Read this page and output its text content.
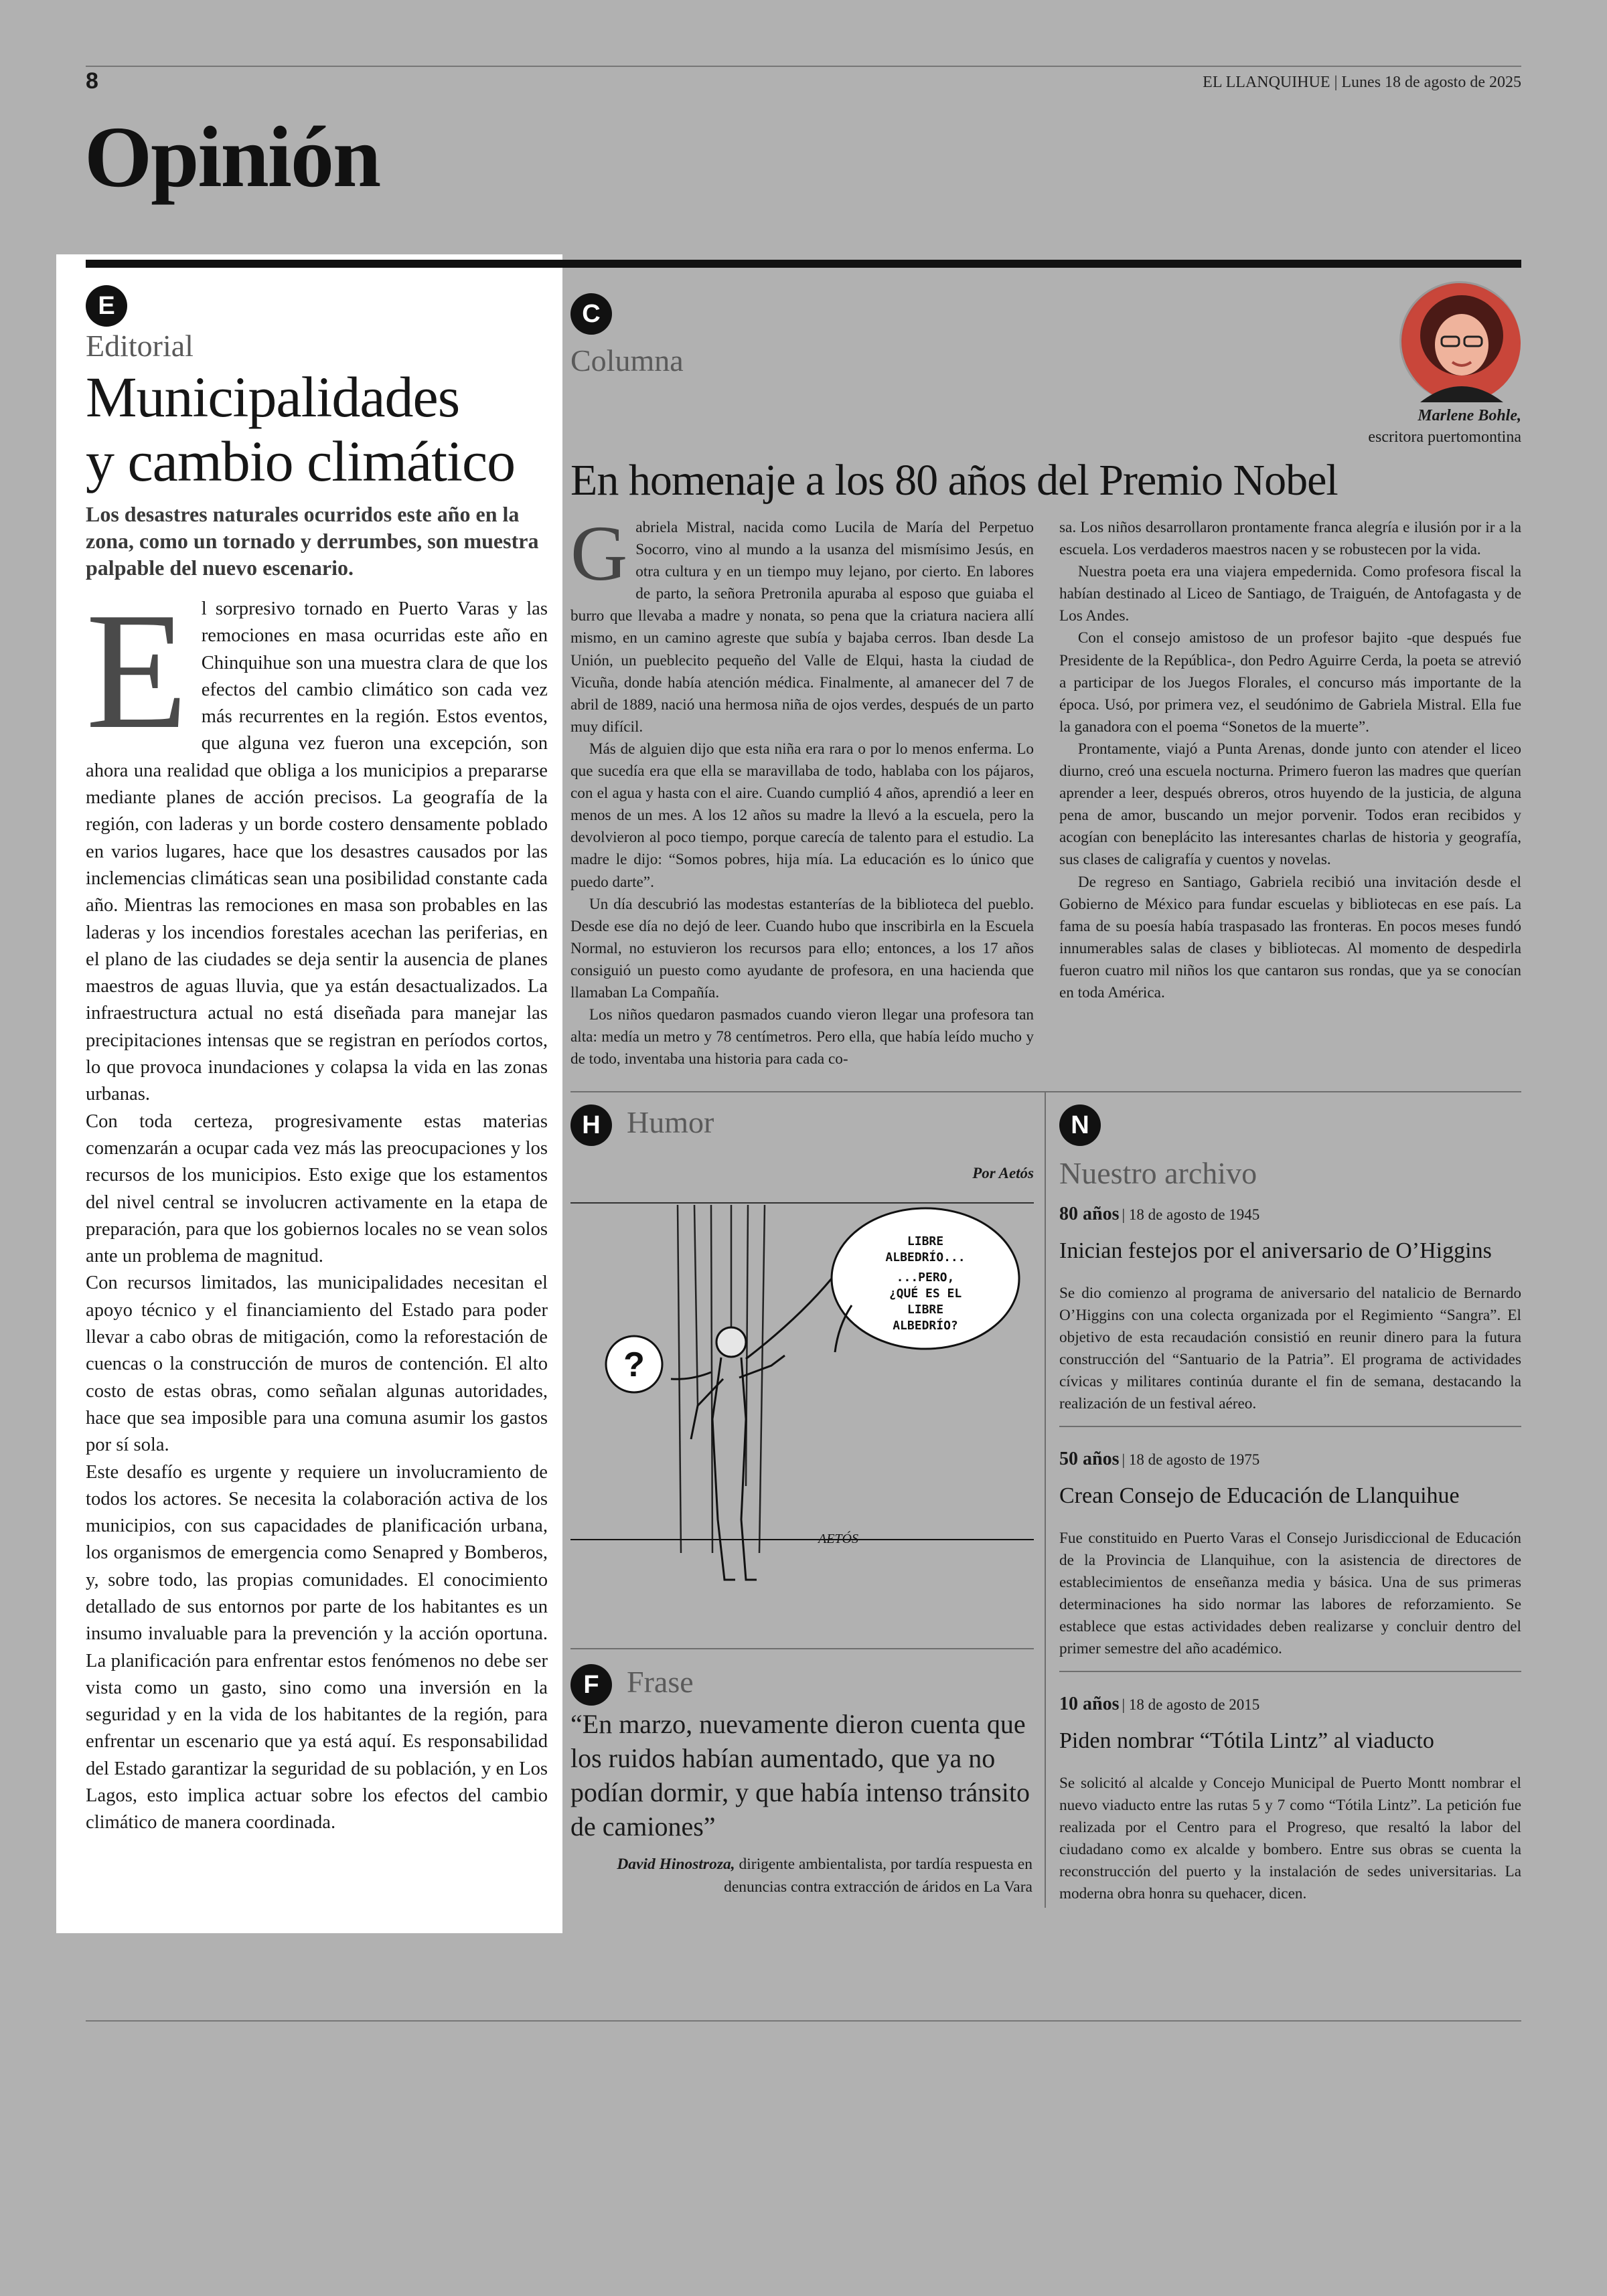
8	EL LLANQUIHUE | Lunes 18 de agosto de 2025
Opinión
E
Editorial
Municipalidades
y cambio climático
Los desastres naturales ocurridos este año en la zona, como un tornado y derrumbes, son muestra palpable del nuevo escenario.

El sorpresivo tornado en Puerto Varas y las remociones en masa ocurridas este año en Chinquihue son una muestra clara de que los efectos del cambio climático son cada vez más recurrentes en la región. Estos eventos, que alguna vez fueron una excepción, son ahora una realidad que obliga a los municipios a prepararse mediante planes de acción precisos. La geografía de la región, con laderas y un borde costero densamente poblado en varios lugares, hace que los desastres causados por las inclemencias climáticas sean una posibilidad constante cada año. Mientras las remociones en masa son probables en las laderas y los incendios forestales acechan las periferias, en el plano de las ciudades se deja sentir la ausencia de planes maestros de aguas lluvia, que ya están desactualizados. La infraestructura actual no está diseñada para manejar las precipitaciones intensas que se registran en períodos cortos, lo que provoca inundaciones y colapsa la vida en las zonas urbanas.

Con toda certeza, progresivamente estas materias comenzarán a ocupar cada vez más las preocupaciones y los recursos de los municipios. Esto exige que los estamentos del nivel central se involucren activamente en la etapa de preparación, para que los gobiernos locales no se vean solos ante un problema de magnitud.

Con recursos limitados, las municipalidades necesitan el apoyo técnico y el financiamiento del Estado para poder llevar a cabo obras de mitigación, como la reforestación de cuencas o la construcción de muros de contención. El alto costo de estas obras, como señalan algunas autoridades, hace que sea imposible para una comuna asumir los gastos por sí sola.

Este desafío es urgente y requiere un involucramiento de todos los actores. Se necesita la colaboración activa de los municipios, con sus capacidades de planificación urbana, los organismos de emergencia como Senapred y Bomberos, y, sobre todo, las propias comunidades. El conocimiento detallado de sus entornos por parte de los habitantes es un insumo invaluable para la prevención y la acción oportuna. La planificación para enfrentar estos fenómenos no debe ser vista como un gasto, sino como una inversión en la seguridad y en la vida de los habitantes de la región, para enfrentar un escenario que ya está aquí. Es responsabilidad del Estado garantizar la seguridad de su población, y en Los Lagos, esto implica actuar sobre los efectos del cambio climático de manera coordinada.

C
Columna
Marlene Bohle,
escritora puertomontina
En homenaje a los 80 años del Premio Nobel

Gabriela Mistral, nacida como Lucila de María del Perpetuo Socorro, vino al mundo a la usanza del mismísimo Jesús, en otra cultura y en un tiempo muy lejano, por cierto. En labores de parto, la señora Pretronila apuraba al esposo que guiaba el burro que llevaba a madre y nonata, so pena que la criatura naciera allí mismo, en un camino agreste que subía y bajaba cerros. Iban desde La Unión, un pueblecito pequeño del Valle de Elqui, hasta la ciudad de Vicuña, donde había atención médica. Finalmente, al amanecer del 7 de abril de 1889, nació una hermosa niña de ojos verdes, después de un parto muy difícil.

Más de alguien dijo que esta niña era rara o por lo menos enferma. Lo que sucedía era que ella se maravillaba de todo, hablaba con los pájaros, con el agua y hasta con el aire. Cuando cumplió 4 años, aprendió a leer en menos de un mes. A los 12 años su madre la llevó a la escuela, pero la devolvieron al poco tiempo, porque carecía de talento para el estudio. La madre le dijo: “Somos pobres, hija mía. La educación es lo único que puedo darte”.

Un día descubrió las modestas estanterías de la biblioteca del pueblo. Desde ese día no dejó de leer. Cuando hubo que inscribirla en la Escuela Normal, no estuvieron los recursos para ello; entonces, a los 17 años consiguió un puesto como ayudante de profesora, en una hacienda que llamaban La Compañía.

Los niños quedaron pasmados cuando vieron llegar una profesora tan alta: medía un metro y 78 centímetros. Pero ella, que había leído mucho y de todo, inventaba una historia para cada co-

sa. Los niños desarrollaron prontamente franca alegría e ilusión por ir a la escuela. Los verdaderos maestros nacen y se robustecen por la vida.

Nuestra poeta era una viajera empedernida. Como profesora fiscal la habían destinado al Liceo de Santiago, de Traiguén, de Antofagasta y de Los Andes.

Con el consejo amistoso de un profesor bajito -que después fue Presidente de la República-, don Pedro Aguirre Cerda, la poeta se atrevió a participar de los Juegos Florales, el concurso más importante de la época. Usó, por primera vez, el seudónimo de Gabriela Mistral. Ella fue la ganadora con el poema “Sonetos de la muerte”.

Prontamente, viajó a Punta Arenas, donde junto con atender el liceo diurno, creó una escuela nocturna. Primero fueron las madres que querían aprender a leer, después obreros, otros huyendo de la justicia, de alguna pena de amor, buscando un mejor porvenir. Todos eran recibidos y acogían con beneplácito las interesantes charlas de historia y geografía, sus clases de caligrafía y cuentos y novelas.

De regreso en Santiago, Gabriela recibió una invitación desde el Gobierno de México para fundar escuelas y bibliotecas en ese país. La fama de su poesía había traspasado las fronteras. En pocos meses fundó innumerables salas de clases y bibliotecas. Al momento de despedirla fueron cuatro mil niños los que cantaron sus rondas, que ya se conocían en toda América.

H Humor
Por Aetós
?
LIBRE
ALBEDRÍO...
...PERO,
¿QUÉ ES EL
LIBRE
ALBEDRÍO?
AETÓS
F Frase
“En marzo, nuevamente dieron cuenta que los ruidos habían aumentado, que ya no podían dormir, y que había intenso tránsito de camiones”
David Hinostroza, dirigente ambientalista, por tardía respuesta en denuncias contra extracción de áridos en La Vara
N
Nuestro archivo
80 años | 18 de agosto de 1945
Inician festejos por el aniversario de O’Higgins
Se dio comienzo al programa de aniversario del natalicio de Bernardo O’Higgins con una colecta organizada por el Regimiento “Sangra”. El objetivo de esta recaudación consistió en reunir dinero para la futura construcción del “Santuario de la Patria”. El programa de actividades cívicas y militares continúa durante el fin de semana, destacando la realización de un festival aéreo.
50 años | 18 de agosto de 1975
Crean Consejo de Educación de Llanquihue
Fue constituido en Puerto Varas el Consejo Jurisdiccional de Educación de la Provincia de Llanquihue, con la asistencia de directores de establecimientos de enseñanza media y básica. Una de sus primeras determinaciones ha sido normar las labores de reforzamiento. Se establece que estas actividades deben realizarse y concluir dentro del primer semestre del año académico.
10 años | 18 de agosto de 2015
Piden nombrar “Tótila Lintz” al viaducto
Se solicitó al alcalde y Concejo Municipal de Puerto Montt nombrar el nuevo viaducto entre las rutas 5 y 7 como “Tótila Lintz”. La petición fue realizada por el Centro para el Progreso, que resaltó la labor del ciudadano como ex alcalde y bombero. Entre sus obras se cuenta la reconstrucción del puerto y la instalación de sedes universitarias. La moderna obra honra su quehacer, dicen.
